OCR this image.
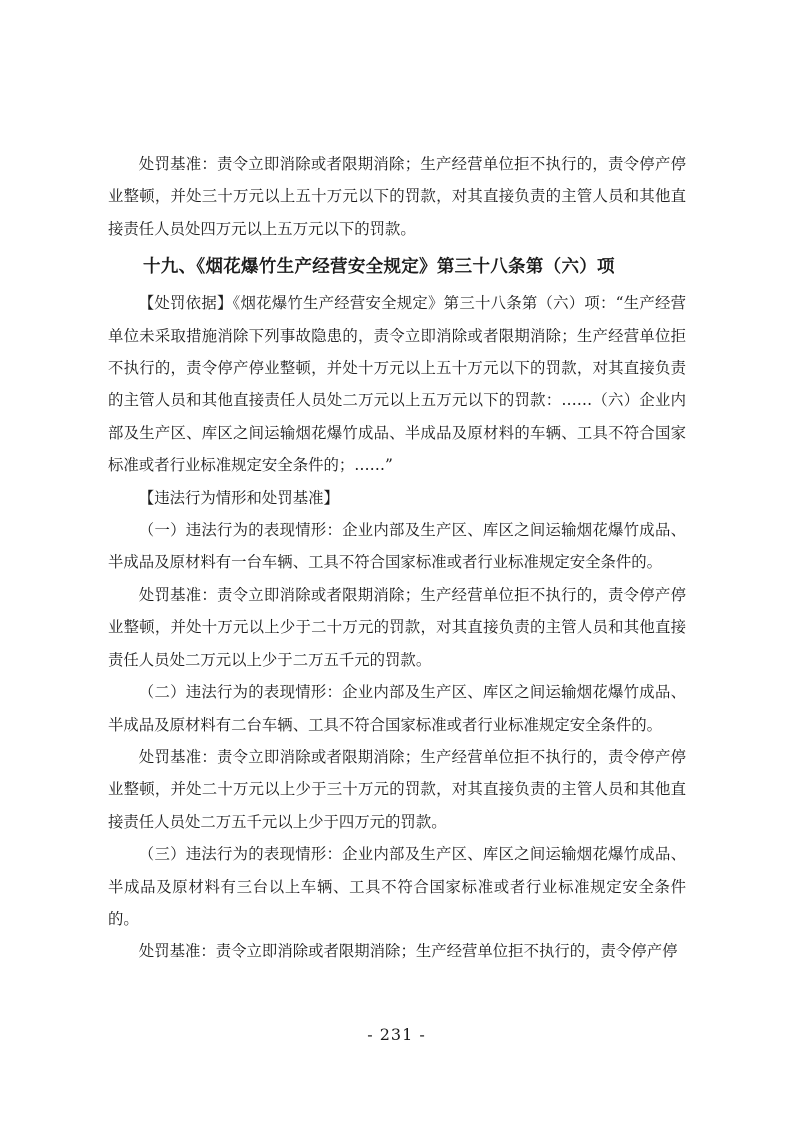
处罚基准：责令立即消除或者限期消除；生产经营单位拒不执行的，责令停产停业整顿，并处三十万元以上五十万元以下的罚款，对其直接负责的主管人员和其他直接责任人员处四万元以上五万元以下的罚款。

十九、《烟花爆竹生产经营安全规定》第三十八条第（六）项

【处罚依据】《烟花爆竹生产经营安全规定》第三十八条第（六）项：“生产经营单位未采取措施消除下列事故隐患的，责令立即消除或者限期消除；生产经营单位拒不执行的，责令停产停业整顿，并处十万元以上五十万元以下的罚款，对其直接负责的主管人员和其他直接责任人员处二万元以上五万元以下的罚款：……（六）企业内部及生产区、库区之间运输烟花爆竹成品、半成品及原材料的车辆、工具不符合国家标准或者行业标准规定安全条件的；……”

【违法行为情形和处罚基准】

（一）违法行为的表现情形：企业内部及生产区、库区之间运输烟花爆竹成品、半成品及原材料有一台车辆、工具不符合国家标准或者行业标准规定安全条件的。

处罚基准：责令立即消除或者限期消除；生产经营单位拒不执行的，责令停产停业整顿，并处十万元以上少于二十万元的罚款，对其直接负责的主管人员和其他直接责任人员处二万元以上少于二万五千元的罚款。

（二）违法行为的表现情形：企业内部及生产区、库区之间运输烟花爆竹成品、半成品及原材料有二台车辆、工具不符合国家标准或者行业标准规定安全条件的。

处罚基准：责令立即消除或者限期消除；生产经营单位拒不执行的，责令停产停业整顿，并处二十万元以上少于三十万元的罚款，对其直接负责的主管人员和其他直接责任人员处二万五千元以上少于四万元的罚款。

（三）违法行为的表现情形：企业内部及生产区、库区之间运输烟花爆竹成品、半成品及原材料有三台以上车辆、工具不符合国家标准或者行业标准规定安全条件的。

处罚基准：责令立即消除或者限期消除；生产经营单位拒不执行的，责令停产停

- 231 -
